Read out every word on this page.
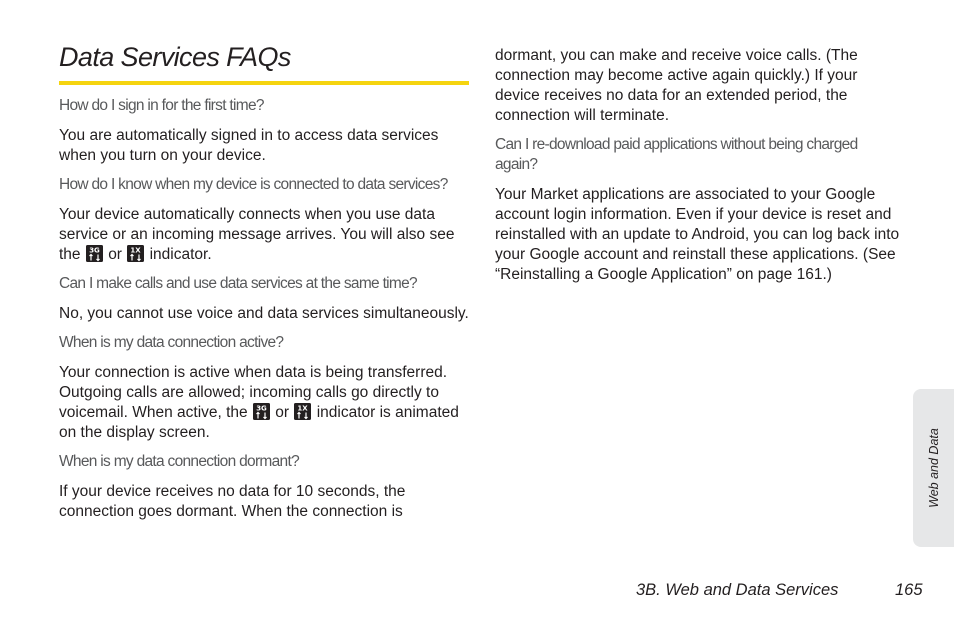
Data Services FAQs

How do I sign in for the first time?

You are automatically signed in to access data services when you turn on your device.

How do I know when my device is connected to data services?

Your device automatically connects when you use data service or an incoming message arrives. You will also see the 3G or 1X indicator.

Can I make calls and use data services at the same time?

No, you cannot use voice and data services simultaneously.

When is my data connection active?

Your connection is active when data is being transferred. Outgoing calls are allowed; incoming calls go directly to voicemail. When active, the 3G or 1X indicator is animated on the display screen.

When is my data connection dormant?

If your device receives no data for 10 seconds, the connection goes dormant. When the connection is

dormant, you can make and receive voice calls. (The connection may become active again quickly.) If your device receives no data for an extended period, the connection will terminate.

Can I re-download paid applications without being charged again?

Your Market applications are associated to your Google account login information. Even if your device is reset and reinstalled with an update to Android, you can log back into your Google account and reinstall these applications. (See “Reinstalling a Google Application” on page 161.)

Web and Data
3B. Web and Data Services	165
